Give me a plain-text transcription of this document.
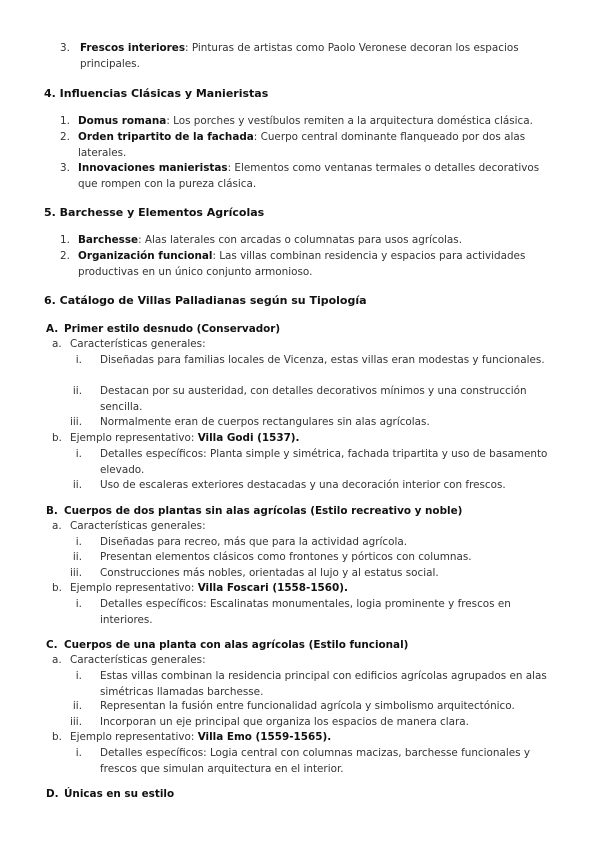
3. Frescos interiores: Pinturas de artistas como Paolo Veronese decoran los espacios principales.
4. Influencias Clásicas y Manieristas
1. Domus romana: Los porches y vestíbulos remiten a la arquitectura doméstica clásica.
2. Orden tripartito de la fachada: Cuerpo central dominante flanqueado por dos alas laterales.
3. Innovaciones manieristas: Elementos como ventanas termales o detalles decorativos que rompen con la pureza clásica.
5. Barchesse y Elementos Agrícolas
1. Barchesse: Alas laterales con arcadas o columnatas para usos agrícolas.
2. Organización funcional: Las villas combinan residencia y espacios para actividades productivas en un único conjunto armonioso.
6. Catálogo de Villas Palladianas según su Tipología
A. Primer estilo desnudo (Conservador)
a. Características generales:
i.	Diseñadas para familias locales de Vicenza, estas villas eran modestas y funcionales.
ii.	Destacan por su austeridad, con detalles decorativos mínimos y una construcción sencilla.
iii.	Normalmente eran de cuerpos rectangulares sin alas agrícolas.
b. Ejemplo representativo: Villa Godi (1537).
i.	Detalles específicos: Planta simple y simétrica, fachada tripartita y uso de basamento elevado.
ii.	Uso de escaleras exteriores destacadas y una decoración interior con frescos.
B. Cuerpos de dos plantas sin alas agrícolas (Estilo recreativo y noble)
a. Características generales:
i.	Diseñadas para recreo, más que para la actividad agrícola.
ii.	Presentan elementos clásicos como frontones y pórticos con columnas.
iii.	Construcciones más nobles, orientadas al lujo y al estatus social.
b. Ejemplo representativo: Villa Foscari (1558-1560).
i.	Detalles específicos: Escalinatas monumentales, logia prominente y frescos en interiores.
C. Cuerpos de una planta con alas agrícolas (Estilo funcional)
a. Características generales:
i.	Estas villas combinan la residencia principal con edificios agrícolas agrupados en alas simétricas llamadas barchesse.
ii.	Representan la fusión entre funcionalidad agrícola y simbolismo arquitectónico.
iii.	Incorporan un eje principal que organiza los espacios de manera clara.
b. Ejemplo representativo: Villa Emo (1559-1565).
i.	Detalles específicos: Logia central con columnas macizas, barchesse funcionales y frescos que simulan arquitectura en el interior.
D. Únicas en su estilo
